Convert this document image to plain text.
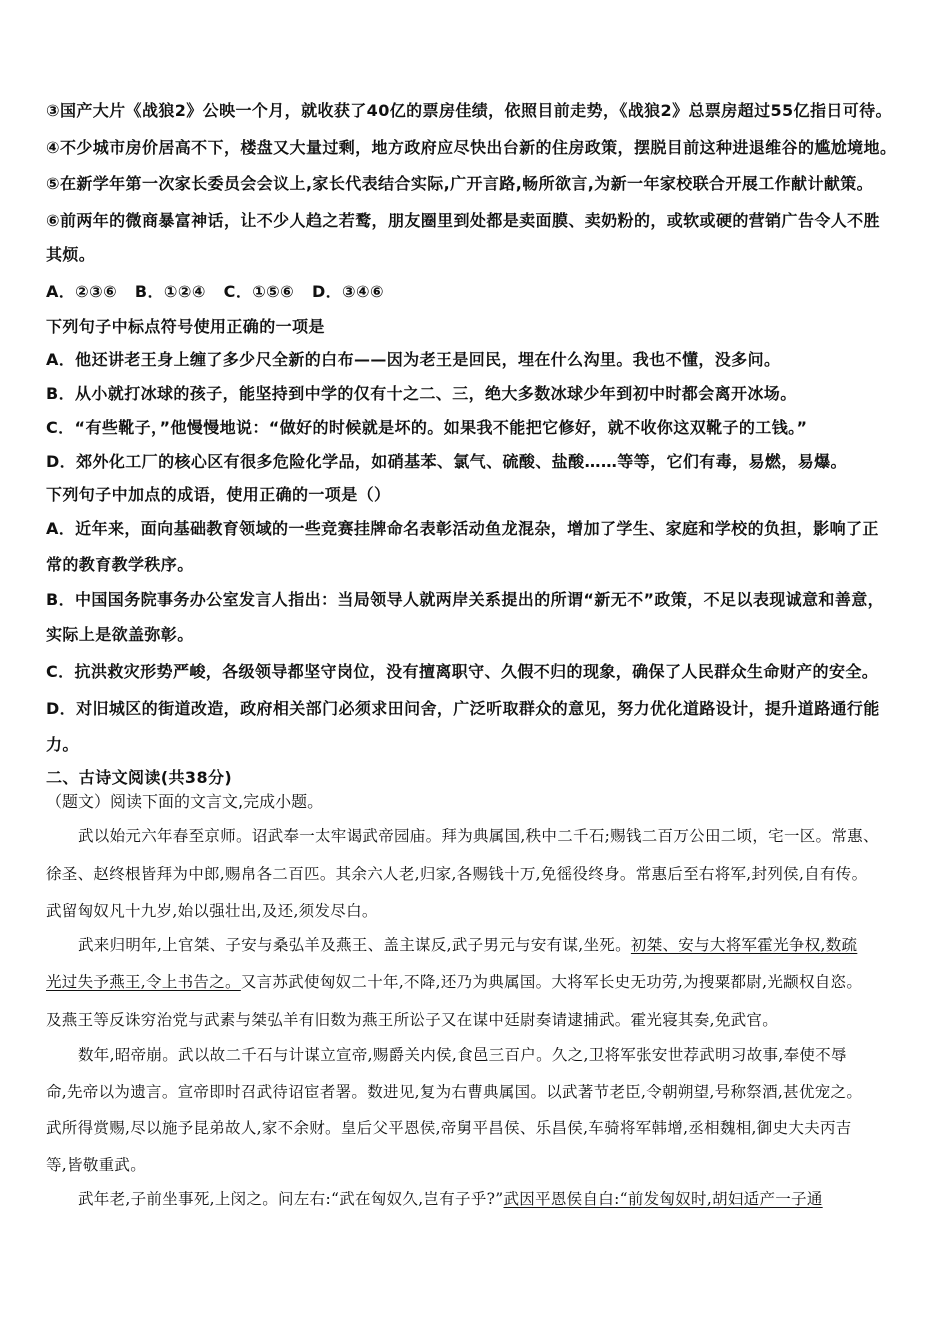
③国产大片《战狼2》公映一个月，就收获了40亿的票房佳绩，依照目前走势，《战狼2》总票房超过55亿指日可待。
④不少城市房价居高不下，楼盘又大量过剩，地方政府应尽快出台新的住房政策，摆脱目前这种进退维谷的尴尬境地。
⑤在新学年第一次家长委员会会议上,家长代表结合实际,广开言路,畅所欲言,为新一年家校联合开展工作献计献策。
⑥前两年的微商暴富神话，让不少人趋之若鹜，朋友圈里到处都是卖面膜、卖奶粉的，或软或硬的营销广告令人不胜
其烦。
A．②③⑥   B．①②④   C．①⑤⑥   D．③④⑥
下列句子中标点符号使用正确的一项是
A．他还讲老王身上缠了多少尺全新的白布——因为老王是回民，埋在什么沟里。我也不懂，没多问。
B．从小就打冰球的孩子，能坚持到中学的仅有十之二、三，绝大多数冰球少年到初中时都会离开冰场。
C．“有些靴子，”他慢慢地说：“做好的时候就是坏的。如果我不能把它修好，就不收你这双靴子的工钱。”
D．郊外化工厂的核心区有很多危险化学品，如硝基苯、氯气、硫酸、盐酸……等等，它们有毒，易燃，易爆。
下列句子中加点的成语，使用正确的一项是（）
A．近年来，面向基础教育领域的一些竞赛挂牌命名表彰活动鱼龙混杂，增加了学生、家庭和学校的负担，影响了正
常的教育教学秩序。
B．中国国务院事务办公室发言人指出：当局领导人就两岸关系提出的所谓“新无不”政策，不足以表现诚意和善意，
实际上是欲盖弥彰。
C．抗洪救灾形势严峻，各级领导都坚守岗位，没有擅离职守、久假不归的现象，确保了人民群众生命财产的安全。
D．对旧城区的街道改造，政府相关部门必须求田问舍，广泛听取群众的意见，努力优化道路设计，提升道路通行能
力。
二、古诗文阅读(共38分)
（题文）阅读下面的文言文,完成小题。
武以始元六年春至京师。诏武奉一太牢谒武帝园庙。拜为典属国,秩中二千石;赐钱二百万公田二顷，宅一区。常惠、
徐圣、赵终根皆拜为中郎,赐帛各二百匹。其余六人老,归家,各赐钱十万,免徭役终身。常惠后至右将军,封列侯,自有传。
武留匈奴凡十九岁,始以强壮出,及还,须发尽白。
武来归明年,上官桀、子安与桑弘羊及燕王、盖主谋反,武子男元与安有谋,坐死。初桀、安与大将军霍光争权,数疏
光过失予燕王,令上书告之。又言苏武使匈奴二十年,不降,还乃为典属国。大将军长史无功劳,为搜粟都尉,光颛权自恣。
及燕王等反诛穷治党与武素与桀弘羊有旧数为燕王所讼子又在谋中廷尉奏请逮捕武。霍光寝其奏,免武官。
数年,昭帝崩。武以故二千石与计谋立宣帝,赐爵关内侯,食邑三百户。久之,卫将军张安世荐武明习故事,奉使不辱
命,先帝以为遗言。宣帝即时召武待诏宦者署。数进见,复为右曹典属国。以武著节老臣,令朝朔望,号称祭酒,甚优宠之。
武所得赏赐,尽以施予昆弟故人,家不余财。皇后父平恩侯,帝舅平昌侯、乐昌侯,车骑将军韩增,丞相魏相,御史大夫丙吉
等,皆敬重武。
武年老,子前坐事死,上闵之。问左右:“武在匈奴久,岂有子乎?”武因平恩侯自白:“前发匈奴时,胡妇适产一子通
